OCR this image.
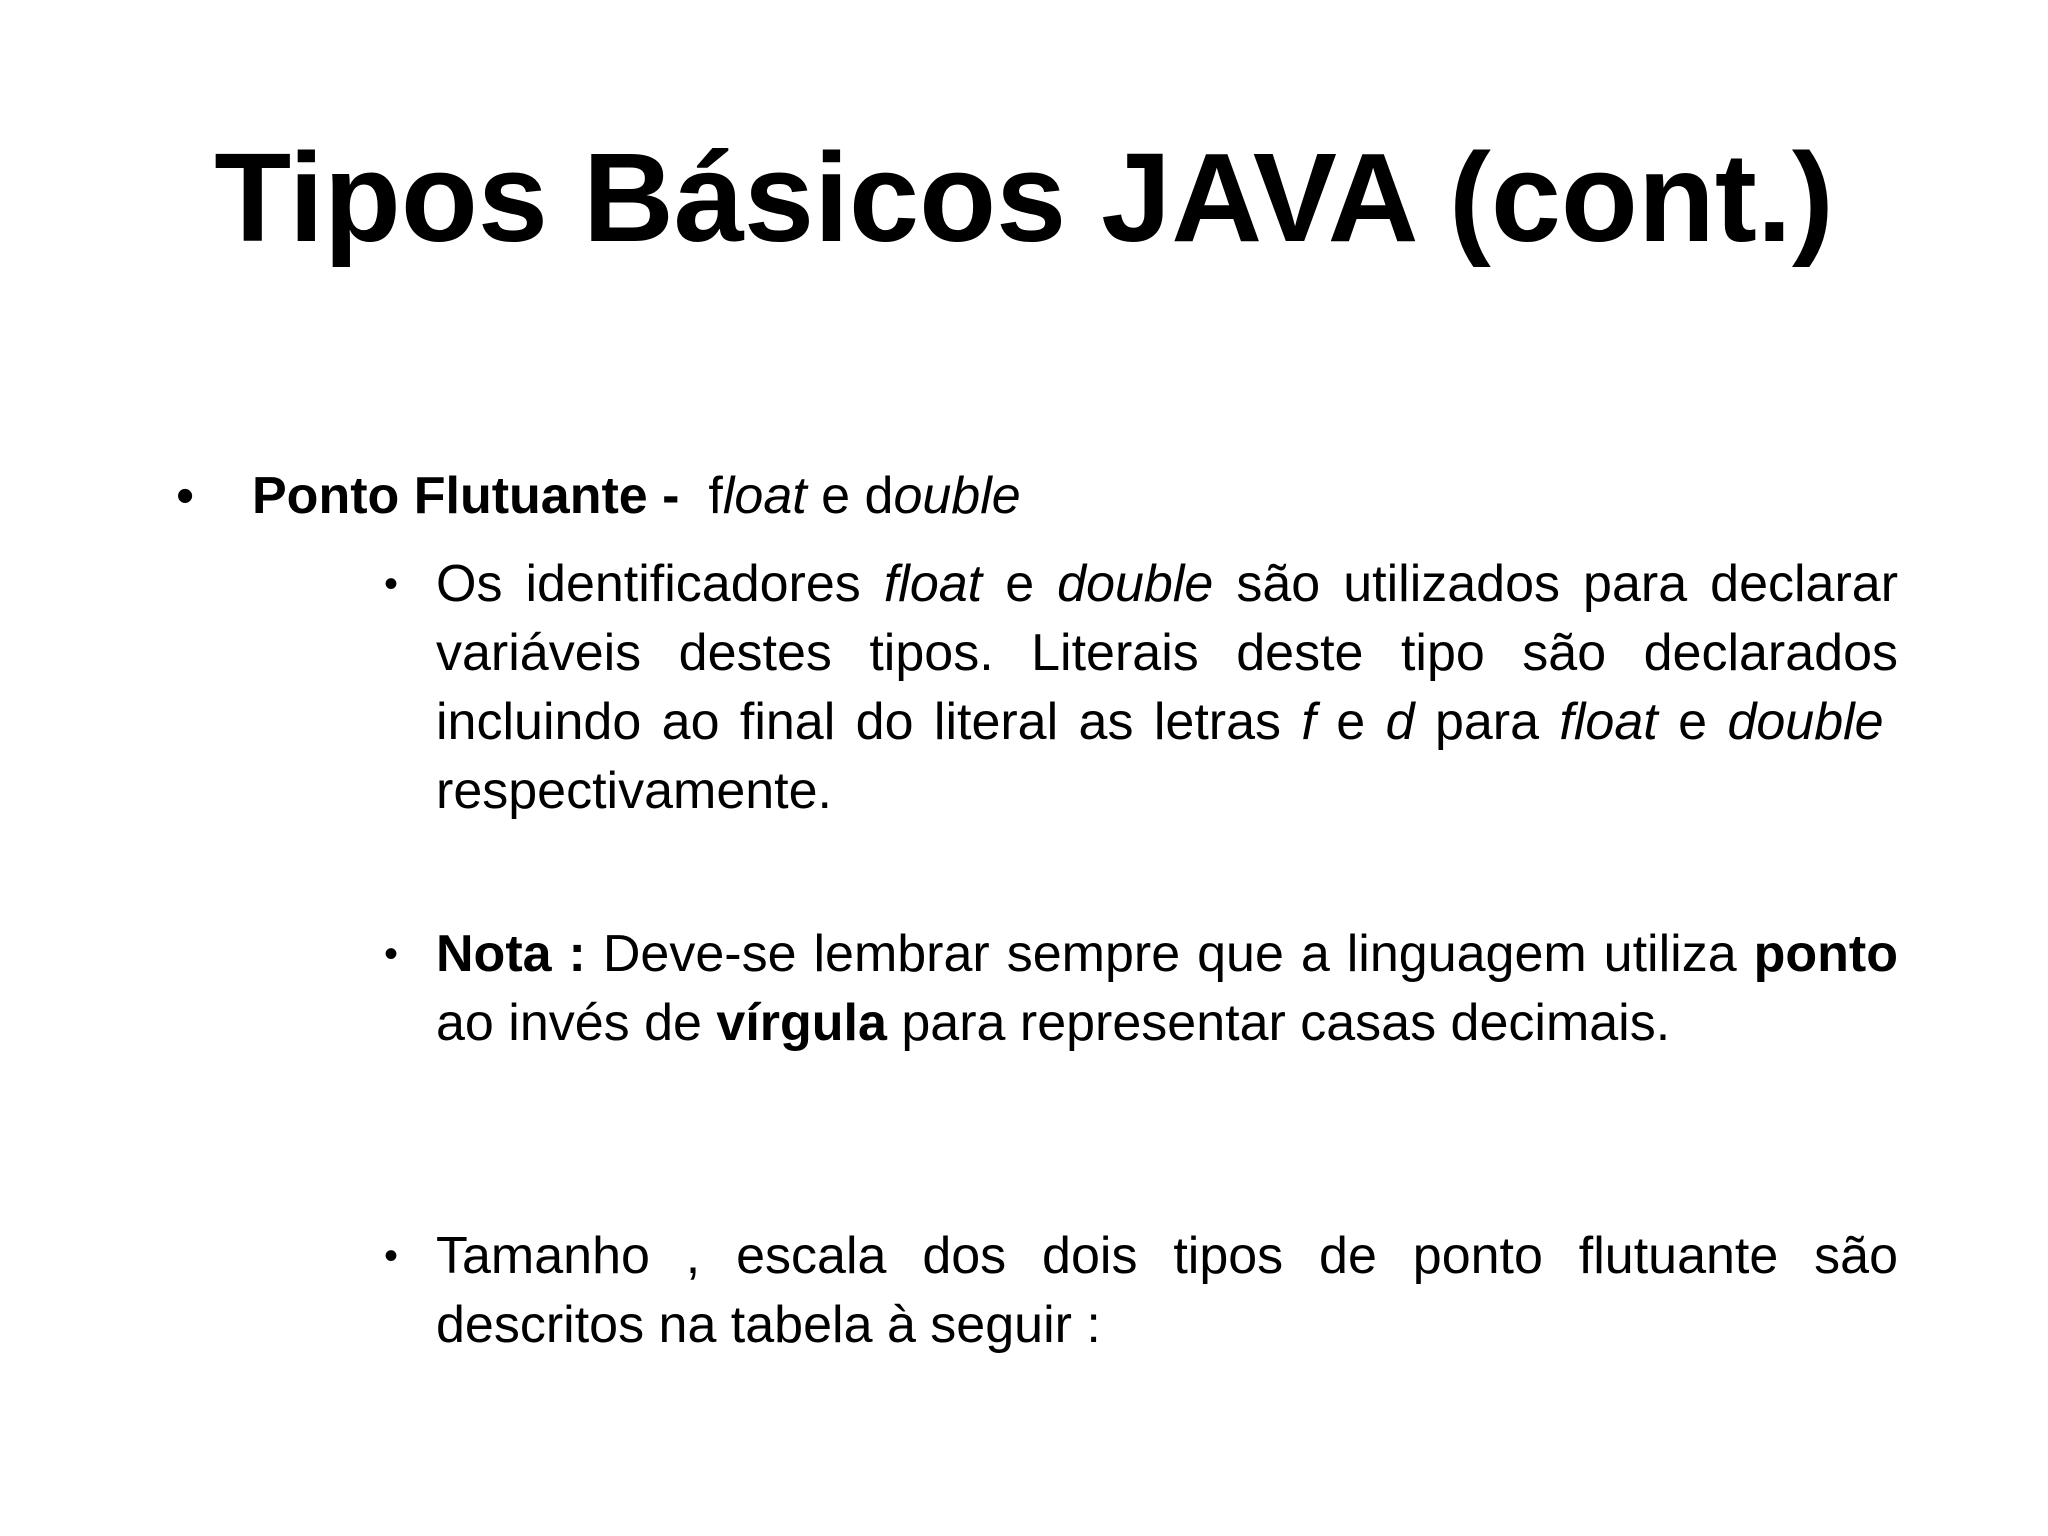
Tipos Básicos JAVA (cont.)
• Ponto Flutuante - float e double
• Os identificadores float e double são utilizados para declarar variáveis destes tipos. Literais deste tipo são declarados incluindo ao final do literal as letras f e d para float e double  respectivamente.
• Nota : Deve-se lembrar sempre que a linguagem utiliza ponto ao invés de vírgula para representar casas decimais.
• Tamanho , escala dos dois tipos de ponto flutuante são descritos na tabela à seguir :
